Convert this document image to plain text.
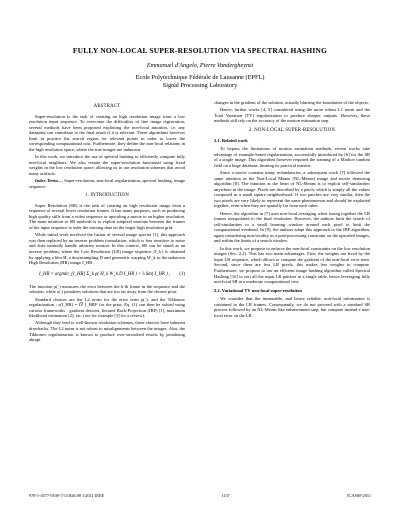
FULLY NON-LOCAL SUPER-RESOLUTION VIA SPECTRAL HASHING
Emmanuel d'Angelo, Pierre Vandergheynst
Ecole Polytechnique Fédérale de Lausanne (EPFL)
Signal Processing Laboratory
ABSTRACT

Super-resolution is the task of creating an high resolution image from a low resolution input sequence. To overcome the difficulties of fine image registration, several methods have been proposed exploiting the non-local intuition, i.e. any datapoint can contribute to the final result if it is relevant. These algorithms however limit in practice the search region for relevant points in order to lower the corresponding computational cost. Furthermore, they define the non-local relations in the high resolution space, where the true images are unknown.

In this work, we introduce the use of spectral hashing to efficiently compute fully non-local neighbors. We also restate the super-resolution functional using fixed weights in the low resolution space, allowing us to use resolution schemes that avoid many artifacts.

Index Terms— Super-resolution, non-local regularization, spectral hashing, image sequence

1. INTRODUCTION

Super Resolution (SR) is the task of creating an high resolution image from a sequence of several lower resolution frames. It has many purposes, such as producing high quality stills from a video sequence or upscaling a movie to an higher resolution. The main intuition to SR methods is to exploit subpixel motions between the frames of the input sequence to infer the missing data on the target high resolution grid.

While initial work involved the fusion of several image spectra [1], this approach was then replaced by an inverse problem formulation, which is less sensitive to noise and does naturally handle arbitrary motion. In this context, SR can be stated as an inverse problem, where the Low Resolution (LR) image sequence {I_k} is obtained by applying a blur H, a downsampling D and geometric warping W_k to the unknown High Resolution (HR) image I_HR :

I_HR = argmin_{I_HR} Σ_k ρ( H_k W_k D I_HR ) + λ Sm( I_HR ) , (1)

The function ρ(·) measures the error between the k-th frame in the sequence and the solution, while s(·) penalizes solutions that are too far away from the chosen prior.

Standard choices are the L2 norm for the error term ρ(·), and the Tikhonov regularization : s(I_HR) = ‖∇ I_HR‖² for the prior. Eq. (1) can then be solved using various frameworks : gradient descent, Iterated Back-Projection (IBP) [1], maximum likelihood estimation [2], etc. (see for example [3] for a review).

Although they lead to well-known resolution schemes, these choices have inherent drawbacks. The L2 norm is not robust to misalignments between the images. Also, the Tikhonov regularization is known to produce over-smoothed results by penalizing abrupt

changes in the gradient of the solution, actually blurring the boundaries of the objects.

Hence, further works [4, 5] considered using the more robust L1 norm and the Total Variation (TV) regularization to produce sharper outputs. However, these methods still rely on the accuracy of the motion estimation step.

2. NON-LOCAL SUPER-RESOLUTION
2.1. Related work

To bypass the limitations of motion estimation methods, recent works take advantage of example-based regularization, successfully introduced by [6] for the SR of a single image. This algorithm however required the training of a Markov random field on a huge database, limiting its practical interest.

Since a movie contains many redundancies, a subsequent work [7] followed the same intuition as the Non-Local Means (NL-Means) image and movie denoising algorithm [8]. The intuition at the heart of NL-Means is to exploit self-similarities anywhere in the image. Pixels are described by a patch, which is simply all the values composed in a small square neighborhood. If two patches are very similar, then the two pixels are very likely to represent the same phenomenon and should be exploited together, even when they are spatially far from each other.

Hence, the algorithm in [7] uses non-local averaging when fusing together the LR frames interpolated to the final resolution. However, the authors limit the search of self-similarities to a small learning window around each pixel to limit the computational overhead. In [9], the authors adapt this approach to the IBP algorithm, again considering non-locality as a post-processing constraint on the upscaled images, and within the limits of a search window.

In this work, we propose to enforce the non-local constraints on the low resolution images (Sec. 2.2). This has two main advantages. First, the weights are fixed by the input LR sequence, which allows to compute the gradient of the non-local error term. Second, since there are less LR pixels, this makes less weights to compute. Furthermore, we propose to use an efficient image hashing algorithm called Spectral Hashing [10] to sort all the input LR patches in a single table, hence leveraging fully non-local SR at a moderate computational cost.

2.2. Variational TV non-local super-resolution

We consider that the immutable, and hence reliable, non-local information is contained in the LR frames. Consequently, we do not proceed with a standard SR process followed by an NL-Means like enhancement step, but compute instead a non-local error on the LR

978-1-4577-0539-7/11/$26.00 ©2011 IEEE	1137	ICASSP 2011
